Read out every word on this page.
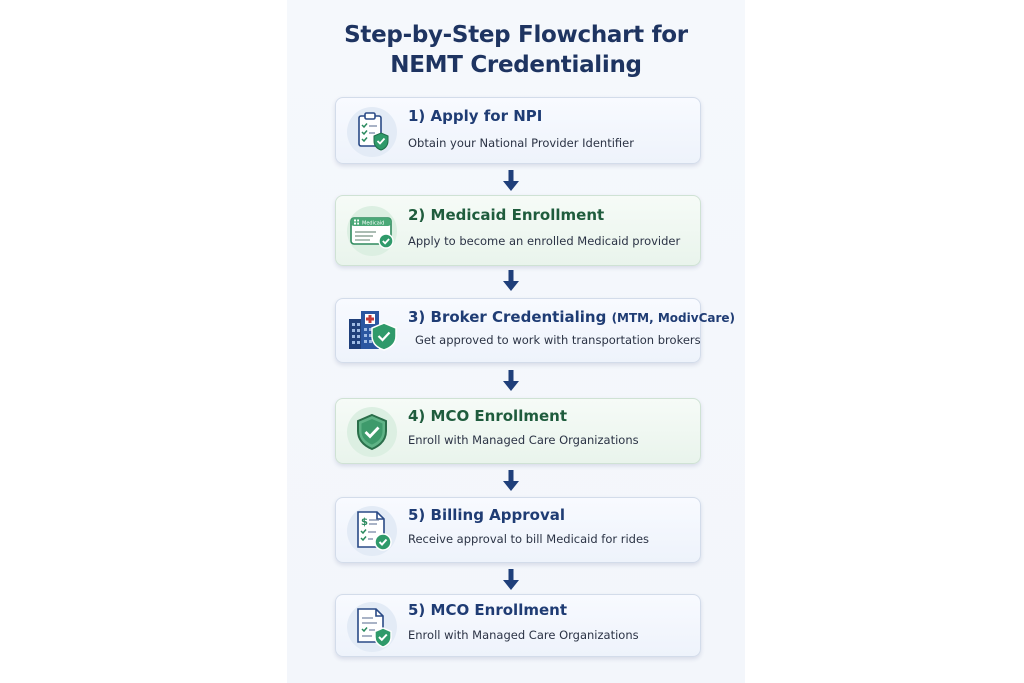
Step-by-Step Flowchart for
NEMT Credentialing
1) Apply for NPI
Obtain your National Provider Identifier
Medicaid 2) Medicaid Enrollment
Apply to become an enrolled Medicaid provider
3) Broker Credentialing (MTM, ModivCare)
Get approved to work with transportation brokers
4) MCO Enrollment
Enroll with Managed Care Organizations
$	5) Billing Approval
Receive approval to bill Medicaid for rides
5) MCO Enrollment
Enroll with Managed Care Organizations
